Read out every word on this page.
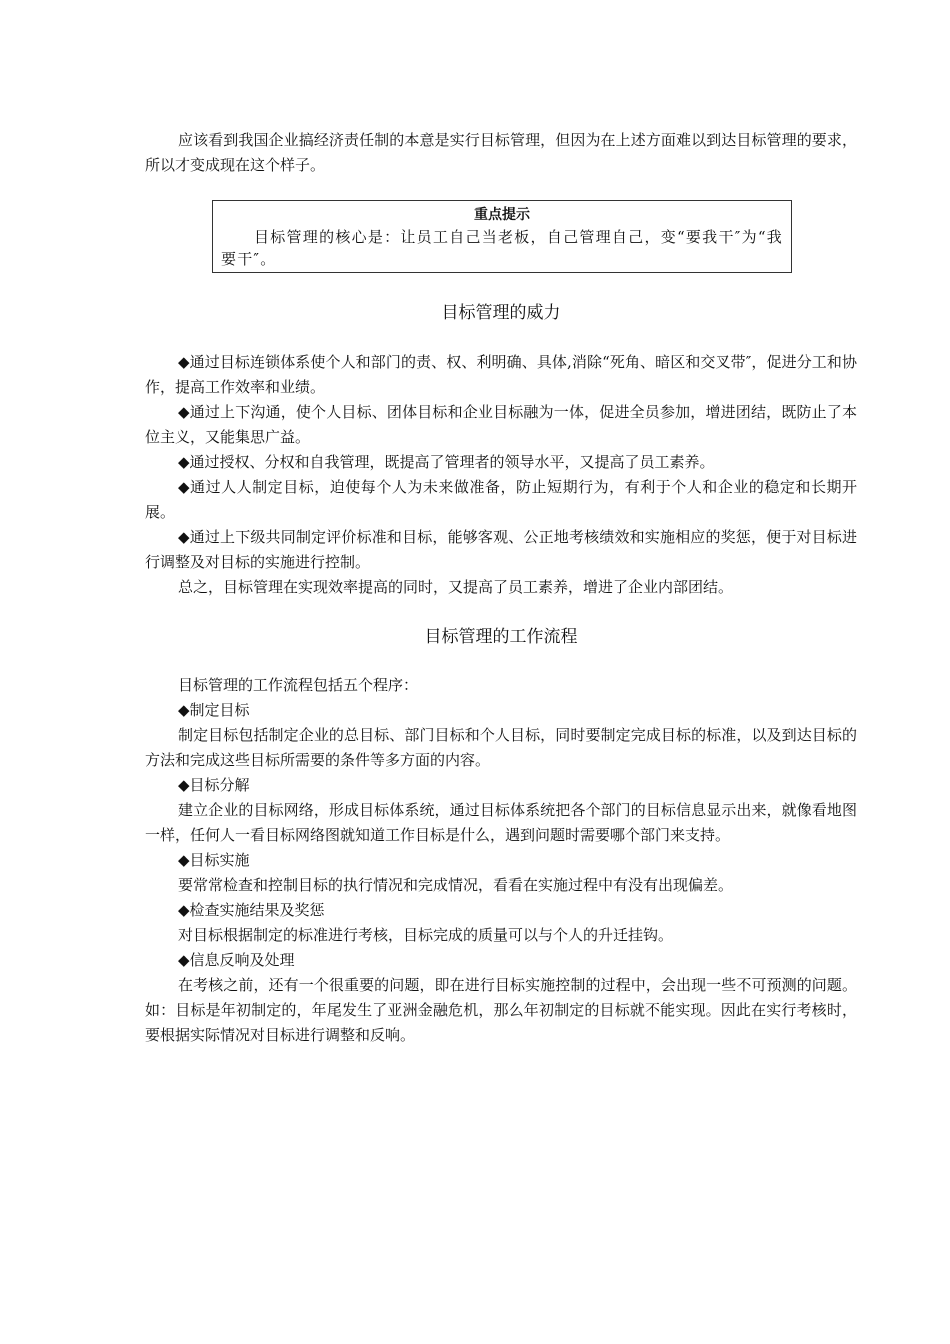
应该看到我国企业搞经济责任制的本意是实行目标管理，但因为在上述方面难以到达目标管理的要求，所以才变成现在这个样子。

重点提示
目标管理的核心是：让员工自己当老板，自己管理自己，变“要我干″为“我要干″。
目标管理的威力

◆通过目标连锁体系使个人和部门的责、权、利明确、具体,消除“死角、暗区和交叉带″，促进分工和协作，提高工作效率和业绩。

◆通过上下沟通，使个人目标、团体目标和企业目标融为一体，促进全员参加，增进团结，既防止了本位主义，又能集思广益。

◆通过授权、分权和自我管理，既提高了管理者的领导水平，又提高了员工素养。

◆通过人人制定目标，迫使每个人为未来做准备，防止短期行为，有利于个人和企业的稳定和长期开展。

◆通过上下级共同制定评价标准和目标，能够客观、公正地考核绩效和实施相应的奖惩，便于对目标进行调整及对目标的实施进行控制。

总之，目标管理在实现效率提高的同时，又提高了员工素养，增进了企业内部团结。

目标管理的工作流程

目标管理的工作流程包括五个程序：

◆制定目标

制定目标包括制定企业的总目标、部门目标和个人目标，同时要制定完成目标的标准，以及到达目标的方法和完成这些目标所需要的条件等多方面的内容。

◆目标分解

建立企业的目标网络，形成目标体系统，通过目标体系统把各个部门的目标信息显示出来，就像看地图一样，任何人一看目标网络图就知道工作目标是什么，遇到问题时需要哪个部门来支持。

◆目标实施

要常常检查和控制目标的执行情况和完成情况，看看在实施过程中有没有出现偏差。

◆检查实施结果及奖惩

对目标根据制定的标准进行考核，目标完成的质量可以与个人的升迁挂钩。

◆信息反响及处理

在考核之前，还有一个很重要的问题，即在进行目标实施控制的过程中，会出现一些不可预测的问题。如：目标是年初制定的，年尾发生了亚洲金融危机，那么年初制定的目标就不能实现。因此在实行考核时，要根据实际情况对目标进行调整和反响。
